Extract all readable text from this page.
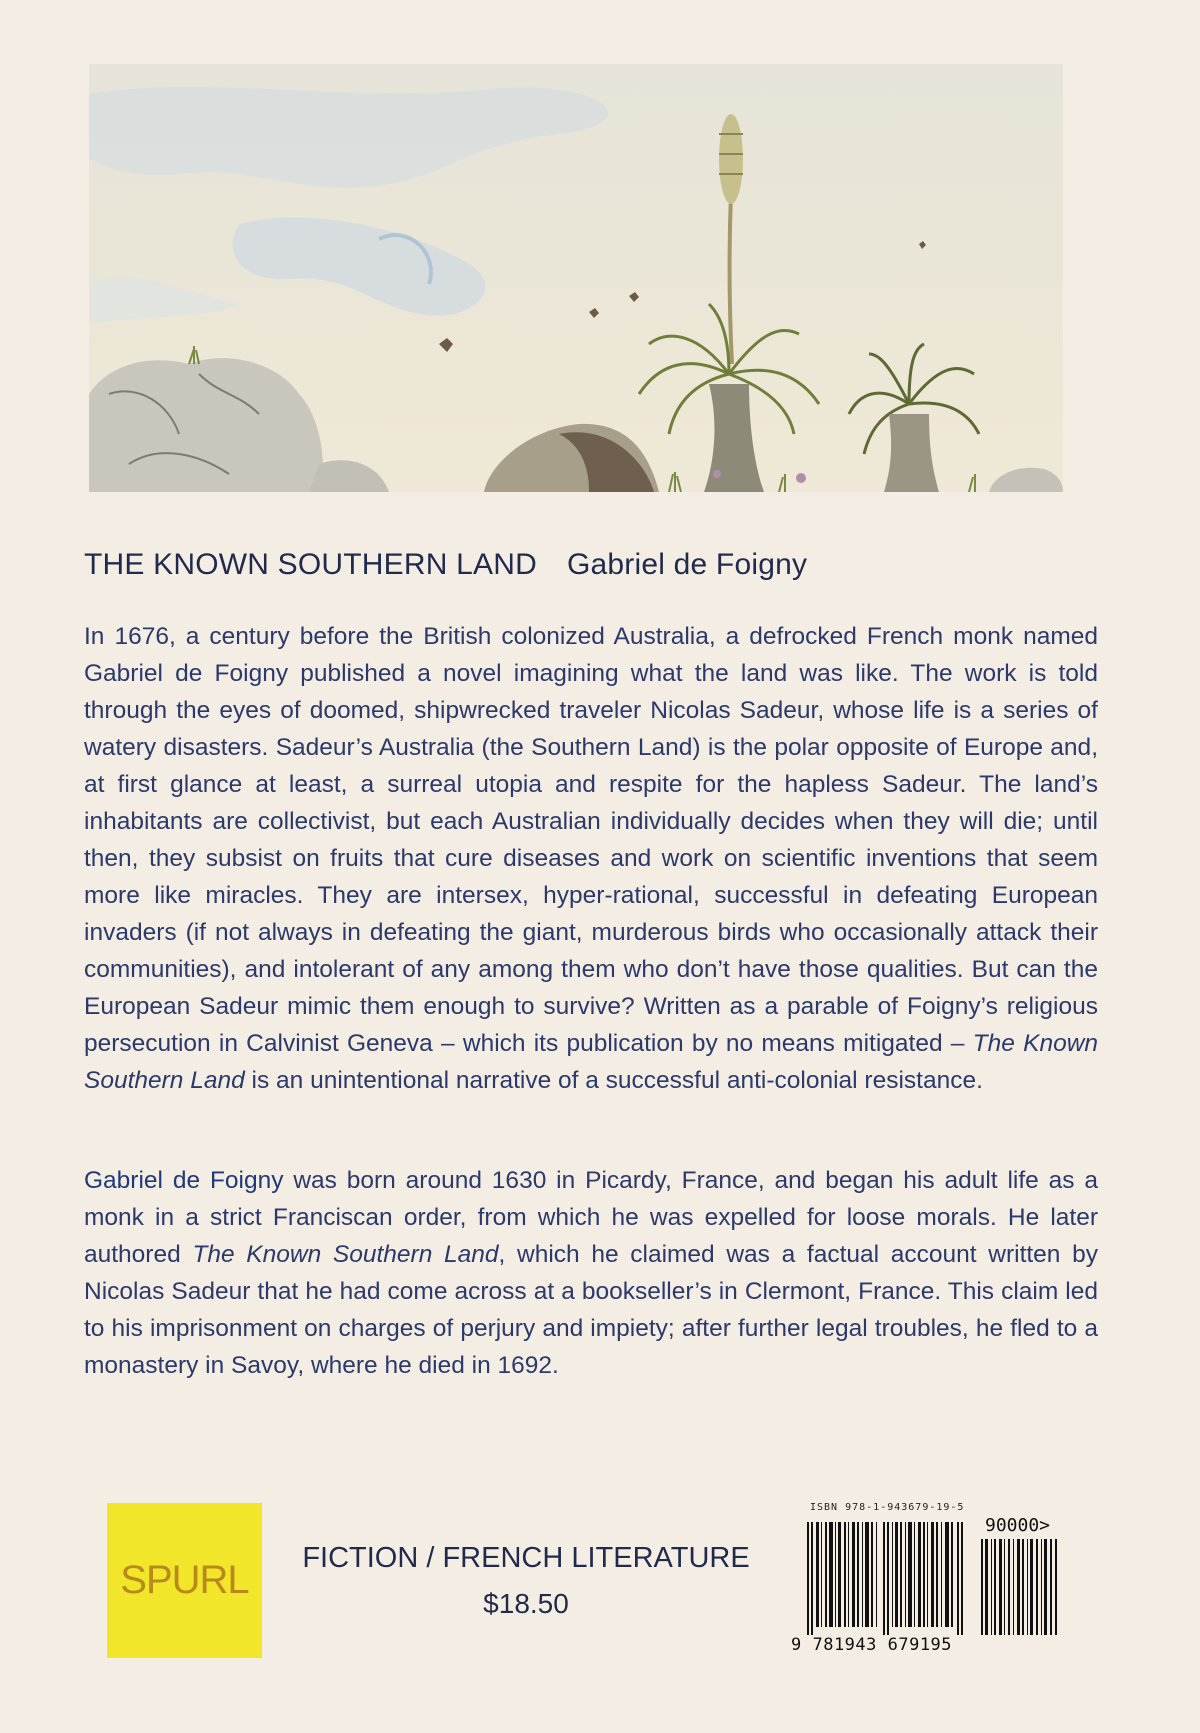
THE KNOWN SOUTHERN LAND Gabriel de Foigny

In 1676, a century before the British colonized Australia, a defrocked French monk named Gabriel de Foigny published a novel imagining what the land was like. The work is told through the eyes of doomed, shipwrecked traveler Nicolas Sadeur, whose life is a series of watery disasters. Sadeur’s Australia (the Southern Land) is the polar opposite of Europe and, at first glance at least, a surreal utopia and respite for the hapless Sadeur. The land’s inhabitants are collectivist, but each Australian individually decides when they will die; until then, they subsist on fruits that cure diseases and work on scientific inventions that seem more like miracles. They are intersex, hyper-rational, successful in defeating European invaders (if not always in defeating the giant, murderous birds who occasionally attack their communities), and intolerant of any among them who don’t have those qualities. But can the European Sadeur mimic them enough to survive? Written as a parable of Foigny’s religious persecution in Calvinist Geneva – which its publication by no means mitigated – The Known Southern Land is an unintentional narrative of a successful anti-colonial resistance.

Gabriel de Foigny was born around 1630 in Picardy, France, and began his adult life as a monk in a strict Franciscan order, from which he was expelled for loose morals. He later authored The Known Southern Land, which he claimed was a factual account written by Nicolas Sadeur that he had come across at a bookseller’s in Clermont, France. This claim led to his imprisonment on charges of perjury and impiety; after further legal troubles, he fled to a monastery in Savoy, where he died in 1692.

SPURL FICTION / FRENCH LITERATURE
$18.50
ISBN 978-1-943679-19-5
90000>
9 781943 679195
